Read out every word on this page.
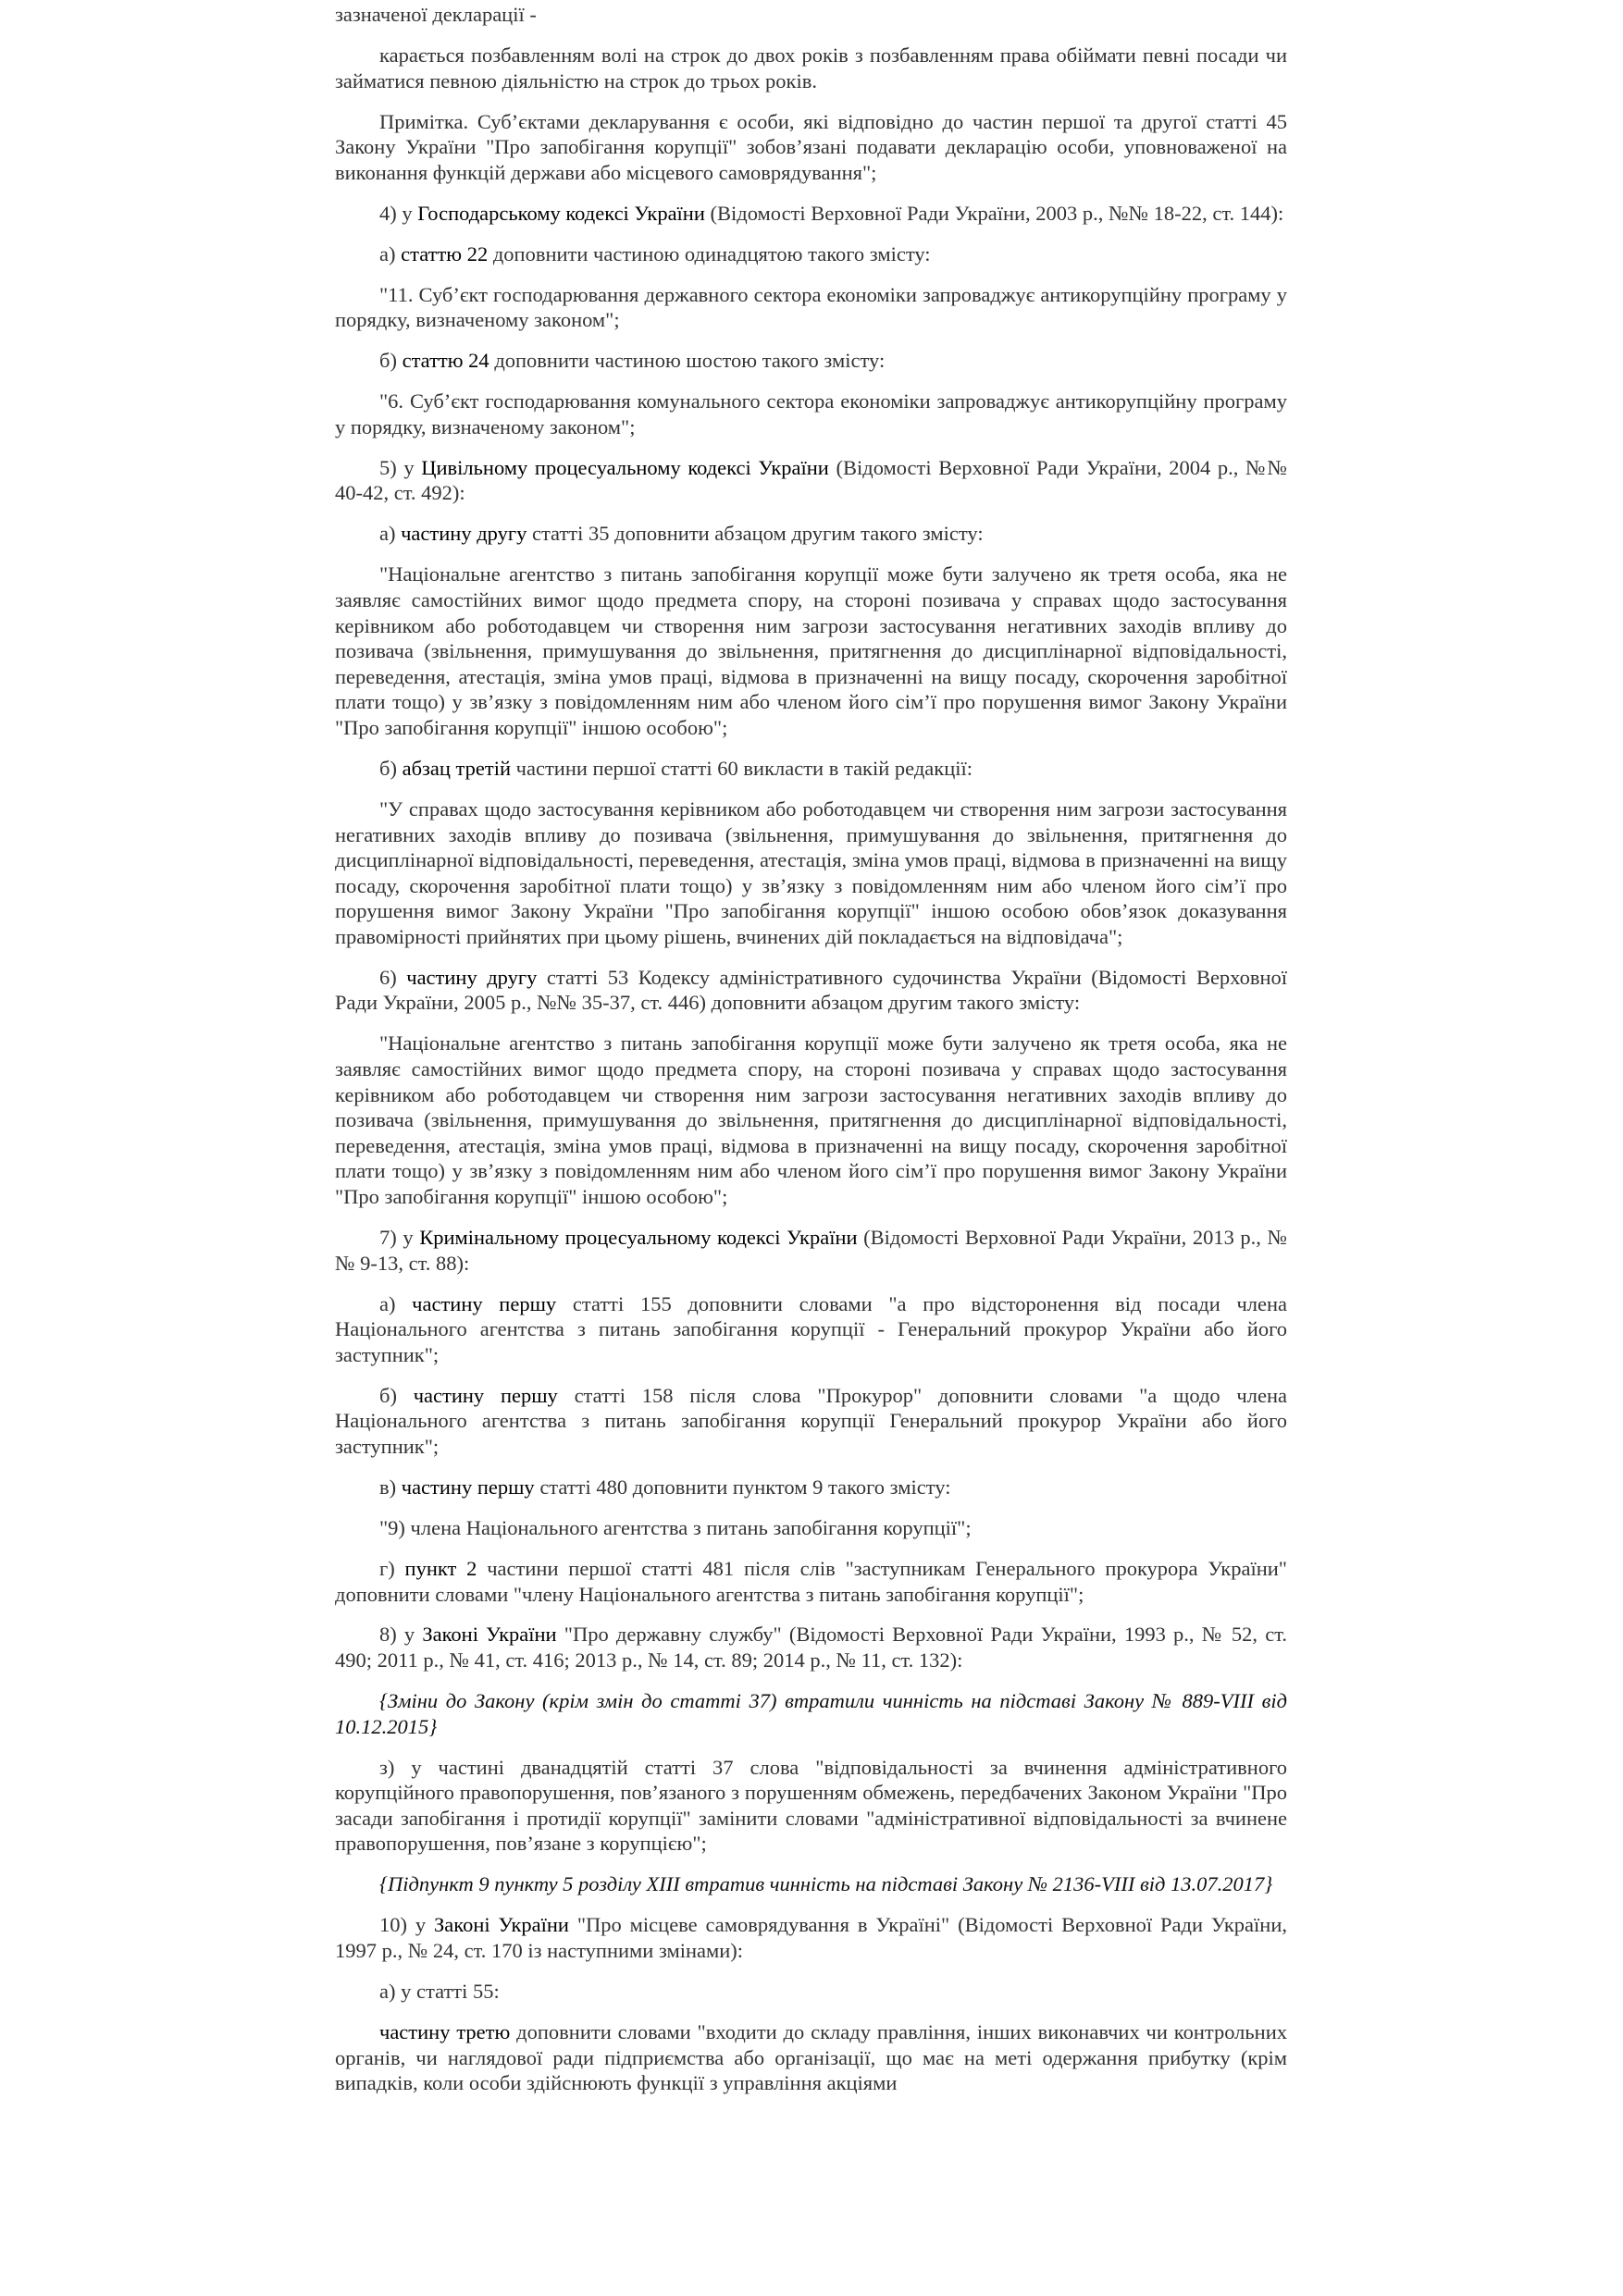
зазначеної декларації -

карається позбавленням волі на строк до двох років з позбавленням права обіймати певні посади чи займатися певною діяльністю на строк до трьох років.

Примітка. Суб’єктами декларування є особи, які відповідно до частин першої та другої статті 45 Закону України "Про запобігання корупції" зобов’язані подавати декларацію особи, уповноваженої на виконання функцій держави або місцевого самоврядування";

4) у Господарському кодексі України (Відомості Верховної Ради України, 2003 р., №№ 18-22, ст. 144):

а) статтю 22 доповнити частиною одинадцятою такого змісту:

"11. Суб’єкт господарювання державного сектора економіки запроваджує антикорупційну програму у порядку, визначеному законом";

б) статтю 24 доповнити частиною шостою такого змісту:

"6. Суб’єкт господарювання комунального сектора економіки запроваджує антикорупційну програму у порядку, визначеному законом";

5) у Цивільному процесуальному кодексі України (Відомості Верховної Ради України, 2004 р., №№ 40-42, ст. 492):

а) частину другу статті 35 доповнити абзацом другим такого змісту:

"Національне агентство з питань запобігання корупції може бути залучено як третя особа, яка не заявляє самостійних вимог щодо предмета спору, на стороні позивача у справах щодо застосування керівником або роботодавцем чи створення ним загрози застосування негативних заходів впливу до позивача (звільнення, примушування до звільнення, притягнення до дисциплінарної відповідальності, переведення, атестація, зміна умов праці, відмова в призначенні на вищу посаду, скорочення заробітної плати тощо) у зв’язку з повідомленням ним або членом його сім’ї про порушення вимог Закону України "Про запобігання корупції" іншою особою";

б) абзац третій частини першої статті 60 викласти в такій редакції:

"У справах щодо застосування керівником або роботодавцем чи створення ним загрози застосування негативних заходів впливу до позивача (звільнення, примушування до звільнення, притягнення до дисциплінарної відповідальності, переведення, атестація, зміна умов праці, відмова в призначенні на вищу посаду, скорочення заробітної плати тощо) у зв’язку з повідомленням ним або членом його сім’ї про порушення вимог Закону України "Про запобігання корупції" іншою особою обов’язок доказування правомірності прийнятих при цьому рішень, вчинених дій покладається на відповідача";

6) частину другу статті 53 Кодексу адміністративного судочинства України (Відомості Верховної Ради України, 2005 р., №№ 35-37, ст. 446) доповнити абзацом другим такого змісту:

"Національне агентство з питань запобігання корупції може бути залучено як третя особа, яка не заявляє самостійних вимог щодо предмета спору, на стороні позивача у справах щодо застосування керівником або роботодавцем чи створення ним загрози застосування негативних заходів впливу до позивача (звільнення, примушування до звільнення, притягнення до дисциплінарної відповідальності, переведення, атестація, зміна умов праці, відмова в призначенні на вищу посаду, скорочення заробітної плати тощо) у зв’язку з повідомленням ним або членом його сім’ї про порушення вимог Закону України "Про запобігання корупції" іншою особою";

7) у Кримінальному процесуальному кодексі України (Відомості Верховної Ради України, 2013 р., №№ 9-13, ст. 88):

а) частину першу статті 155 доповнити словами "а про відсторонення від посади члена Національного агентства з питань запобігання корупції - Генеральний прокурор України або його заступник";

б) частину першу статті 158 після слова "Прокурор" доповнити словами "а щодо члена Національного агентства з питань запобігання корупції Генеральний прокурор України або його заступник";

в) частину першу статті 480 доповнити пунктом 9 такого змісту:

"9) члена Національного агентства з питань запобігання корупції";

г) пункт 2 частини першої статті 481 після слів "заступникам Генерального прокурора України" доповнити словами "члену Національного агентства з питань запобігання корупції";

8) у Законі України "Про державну службу" (Відомості Верховної Ради України, 1993 р., № 52, ст. 490; 2011 р., № 41, ст. 416; 2013 р., № 14, ст. 89; 2014 р., № 11, ст. 132):

{Зміни до Закону (крім змін до статті 37) втратили чинність на підставі Закону № 889-VIII від 10.12.2015}

з) у частині дванадцятій статті 37 слова "відповідальності за вчинення адміністративного корупційного правопорушення, пов’язаного з порушенням обмежень, передбачених Законом України "Про засади запобігання і протидії корупції" замінити словами "адміністративної відповідальності за вчинене правопорушення, пов’язане з корупцією";

{Підпункт 9 пункту 5 розділу XIII втратив чинність на підставі Закону № 2136-VIII від 13.07.2017}

10) у Законі України "Про місцеве самоврядування в Україні" (Відомості Верховної Ради України, 1997 р., № 24, ст. 170 із наступними змінами):

а) у статті 55:

частину третю доповнити словами "входити до складу правління, інших виконавчих чи контрольних органів, чи наглядової ради підприємства або організації, що має на меті одержання прибутку (крім випадків, коли особи здійснюють функції з управління акціями
